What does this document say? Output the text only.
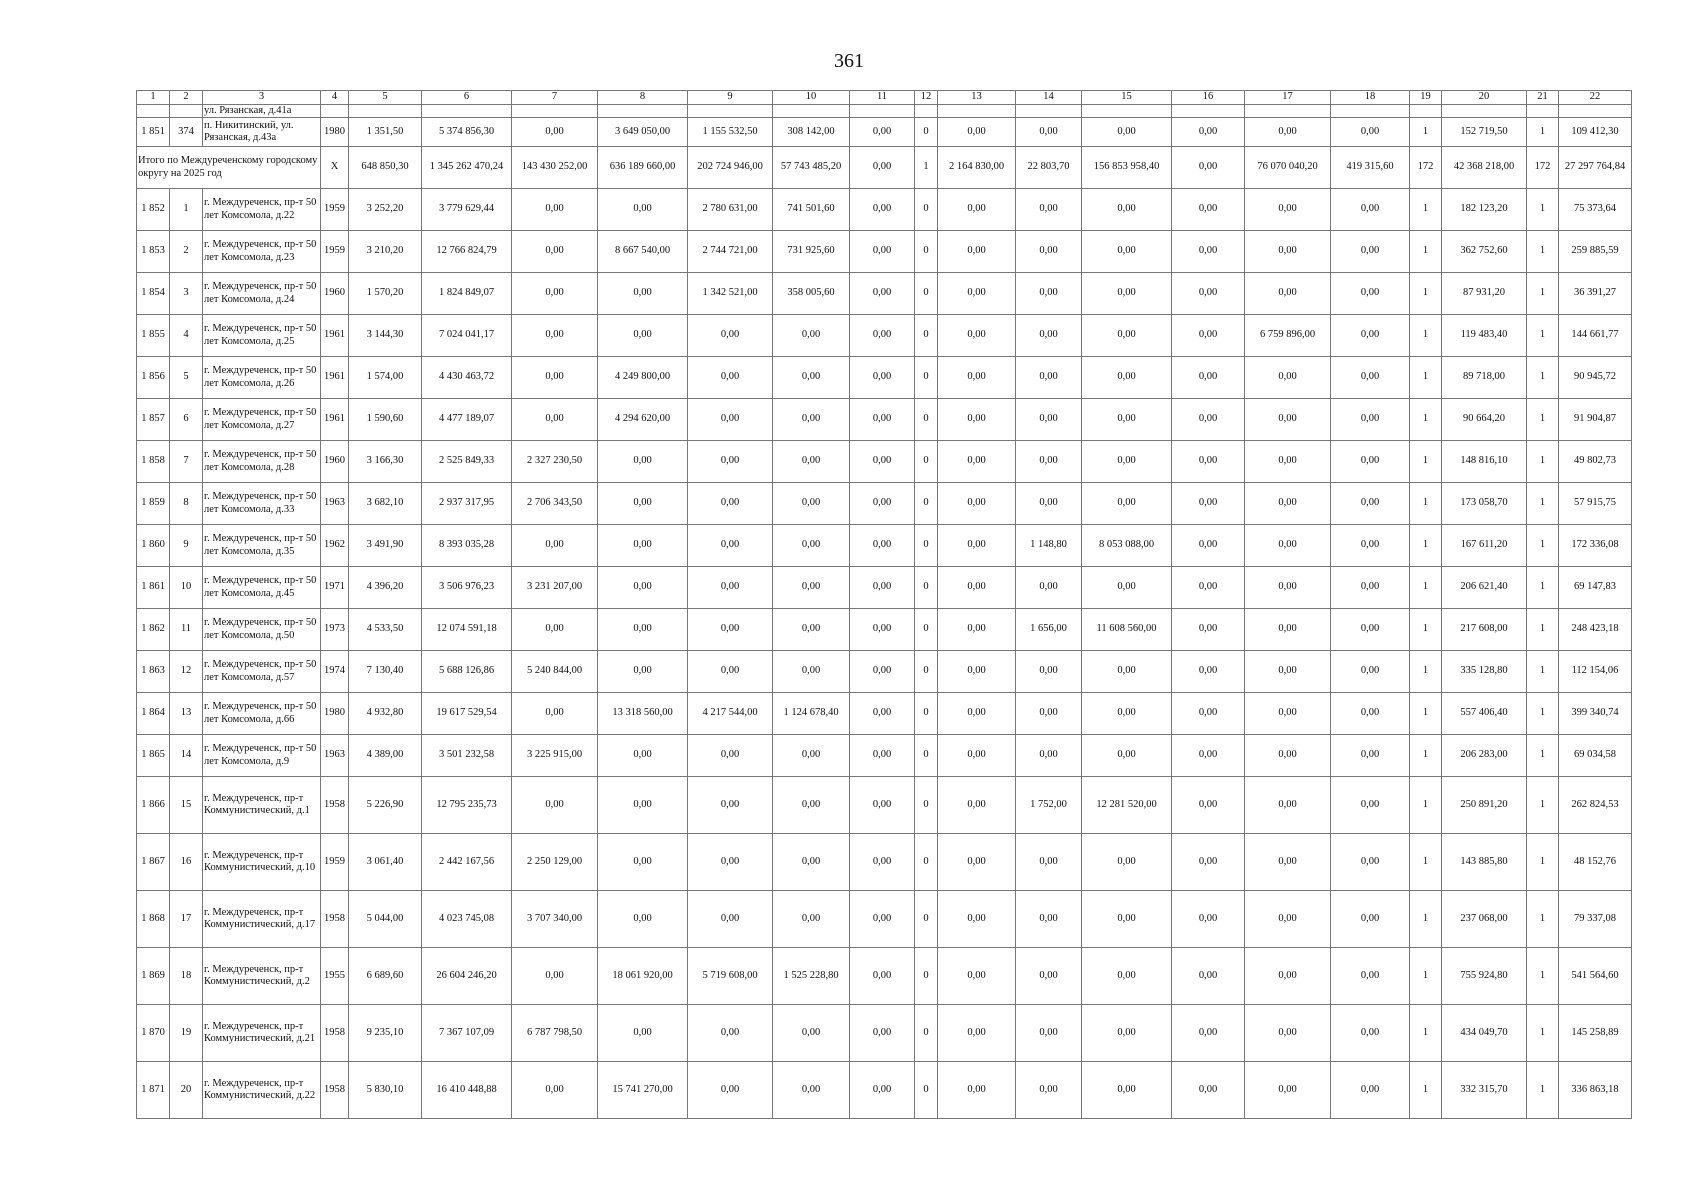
361
1	2	3	4	5	6	7	8	9	10	11	12	13	14	15	16	17	18	19	20	21	22
		ул. Рязанская, д.41а																			
1 851	374	п. Никитинский, ул. Рязанская, д.43а	1980	1 351,50	5 374 856,30	0,00	3 649 050,00	1 155 532,50	308 142,00	0,00	0	0,00	0,00	0,00	0,00	0,00	0,00	1	152 719,50	1	109 412,30
Итого по Междуреченскому городскому округу на 2025 год			X	648 850,30	1 345 262 470,24	143 430 252,00	636 189 660,00	202 724 946,00	57 743 485,20	0,00	1	2 164 830,00	22 803,70	156 853 958,40	0,00	76 070 040,20	419 315,60	172	42 368 218,00	172	27 297 764,84
1 852	1	г. Междуреченск, пр-т 50 лет Комсомола, д.22	1959	3 252,20	3 779 629,44	0,00	0,00	2 780 631,00	741 501,60	0,00	0	0,00	0,00	0,00	0,00	0,00	0,00	1	182 123,20	1	75 373,64
1 853	2	г. Междуреченск, пр-т 50 лет Комсомола, д.23	1959	3 210,20	12 766 824,79	0,00	8 667 540,00	2 744 721,00	731 925,60	0,00	0	0,00	0,00	0,00	0,00	0,00	0,00	1	362 752,60	1	259 885,59
1 854	3	г. Междуреченск, пр-т 50 лет Комсомола, д.24	1960	1 570,20	1 824 849,07	0,00	0,00	1 342 521,00	358 005,60	0,00	0	0,00	0,00	0,00	0,00	0,00	0,00	1	87 931,20	1	36 391,27
1 855	4	г. Междуреченск, пр-т 50 лет Комсомола, д.25	1961	3 144,30	7 024 041,17	0,00	0,00	0,00	0,00	0,00	0	0,00	0,00	0,00	0,00	6 759 896,00	0,00	1	119 483,40	1	144 661,77
1 856	5	г. Междуреченск, пр-т 50 лет Комсомола, д.26	1961	1 574,00	4 430 463,72	0,00	4 249 800,00	0,00	0,00	0,00	0	0,00	0,00	0,00	0,00	0,00	0,00	1	89 718,00	1	90 945,72
1 857	6	г. Междуреченск, пр-т 50 лет Комсомола, д.27	1961	1 590,60	4 477 189,07	0,00	4 294 620,00	0,00	0,00	0,00	0	0,00	0,00	0,00	0,00	0,00	0,00	1	90 664,20	1	91 904,87
1 858	7	г. Междуреченск, пр-т 50 лет Комсомола, д.28	1960	3 166,30	2 525 849,33	2 327 230,50	0,00	0,00	0,00	0,00	0	0,00	0,00	0,00	0,00	0,00	0,00	1	148 816,10	1	49 802,73
1 859	8	г. Междуреченск, пр-т 50 лет Комсомола, д.33	1963	3 682,10	2 937 317,95	2 706 343,50	0,00	0,00	0,00	0,00	0	0,00	0,00	0,00	0,00	0,00	0,00	1	173 058,70	1	57 915,75
1 860	9	г. Междуреченск, пр-т 50 лет Комсомола, д.35	1962	3 491,90	8 393 035,28	0,00	0,00	0,00	0,00	0,00	0	0,00	1 148,80	8 053 088,00	0,00	0,00	0,00	1	167 611,20	1	172 336,08
1 861	10	г. Междуреченск, пр-т 50 лет Комсомола, д.45	1971	4 396,20	3 506 976,23	3 231 207,00	0,00	0,00	0,00	0,00	0	0,00	0,00	0,00	0,00	0,00	0,00	1	206 621,40	1	69 147,83
1 862	11	г. Междуреченск, пр-т 50 лет Комсомола, д.50	1973	4 533,50	12 074 591,18	0,00	0,00	0,00	0,00	0,00	0	0,00	1 656,00	11 608 560,00	0,00	0,00	0,00	1	217 608,00	1	248 423,18
1 863	12	г. Междуреченск, пр-т 50 лет Комсомола, д.57	1974	7 130,40	5 688 126,86	5 240 844,00	0,00	0,00	0,00	0,00	0	0,00	0,00	0,00	0,00	0,00	0,00	1	335 128,80	1	112 154,06
1 864	13	г. Междуреченск, пр-т 50 лет Комсомола, д.66	1980	4 932,80	19 617 529,54	0,00	13 318 560,00	4 217 544,00	1 124 678,40	0,00	0	0,00	0,00	0,00	0,00	0,00	0,00	1	557 406,40	1	399 340,74
1 865	14	г. Междуреченск, пр-т 50 лет Комсомола, д.9	1963	4 389,00	3 501 232,58	3 225 915,00	0,00	0,00	0,00	0,00	0	0,00	0,00	0,00	0,00	0,00	0,00	1	206 283,00	1	69 034,58
1 866	15	г. Междуреченск, пр-т Коммунистический, д.1	1958	5 226,90	12 795 235,73	0,00	0,00	0,00	0,00	0,00	0	0,00	1 752,00	12 281 520,00	0,00	0,00	0,00	1	250 891,20	1	262 824,53
1 867	16	г. Междуреченск, пр-т Коммунистический, д.10	1959	3 061,40	2 442 167,56	2 250 129,00	0,00	0,00	0,00	0,00	0	0,00	0,00	0,00	0,00	0,00	0,00	1	143 885,80	1	48 152,76
1 868	17	г. Междуреченск, пр-т Коммунистический, д.17	1958	5 044,00	4 023 745,08	3 707 340,00	0,00	0,00	0,00	0,00	0	0,00	0,00	0,00	0,00	0,00	0,00	1	237 068,00	1	79 337,08
1 869	18	г. Междуреченск, пр-т Коммунистический, д.2	1955	6 689,60	26 604 246,20	0,00	18 061 920,00	5 719 608,00	1 525 228,80	0,00	0	0,00	0,00	0,00	0,00	0,00	0,00	1	755 924,80	1	541 564,60
1 870	19	г. Междуреченск, пр-т Коммунистический, д.21	1958	9 235,10	7 367 107,09	6 787 798,50	0,00	0,00	0,00	0,00	0	0,00	0,00	0,00	0,00	0,00	0,00	1	434 049,70	1	145 258,89
1 871	20	г. Междуреченск, пр-т Коммунистический, д.22	1958	5 830,10	16 410 448,88	0,00	15 741 270,00	0,00	0,00	0,00	0	0,00	0,00	0,00	0,00	0,00	0,00	1	332 315,70	1	336 863,18
